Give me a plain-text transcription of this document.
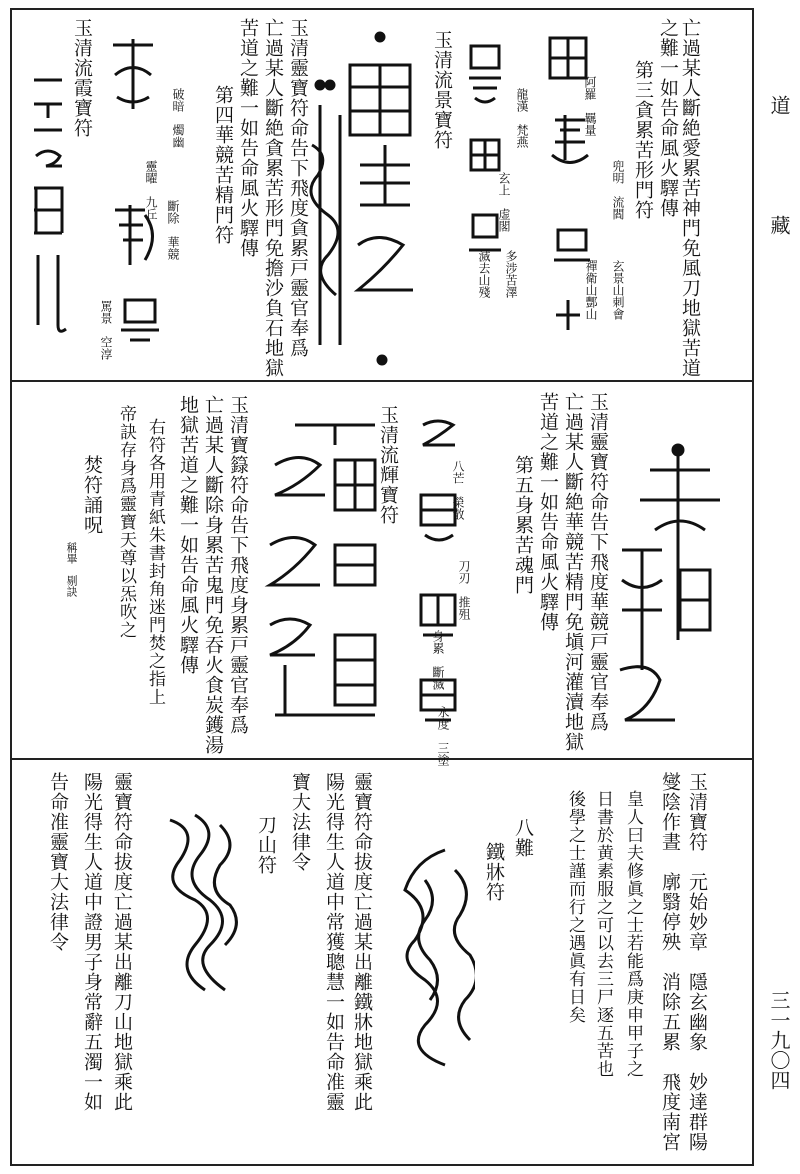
道　藏
三一九〇四
亡過某人斷絶愛累苦神門免風刀地獄苦道
之難一如告命風火驛傳
第三貪累苦形門符
阿羅　羈量
兜明　流閻
玄景山刺會
禪衛山酆山
玉清流景寶符	龍漢　梵燕
玄上　虚閣
多涉苦澤
滅去山殘
玉清靈寶符命告下飛度貪累戸靈官奉爲
亡過某人斷絶貪累苦形門免擔沙負石地獄
苦道之難一如告命風火驛傳
第四華競苦精門符
破暗　燭幽
靈曜　九丘
斷除　華競
罵景　空淳
玉清流霞寶符
玉清靈寶符命告下飛度華競戸靈官奉爲
亡過某人斷絶華競苦精門免塡河灌瀆地獄
苦道之難一如告命風火驛傳
第五身累苦魂門
八芒　榮散
刀刃　推殂
身累　斷滅
永度　三塗
玉清流輝寶符
玉清寶籙符命告下飛度身累戸靈官奉爲
亡過某人斷除身累苦鬼門免吞火食炭鑊湯
地獄苦道之難一如告命風火驛傳
右符各用青紙朱書封角迷門焚之指上
帝訣存身爲靈寶天尊以炁吹之
焚符誦呪
稱畢　剔訣
玉清寶符　元始妙章　隱玄幽象　妙達群陽
燮陰作晝　廓翳停殃　消除五累　飛度南宮
皇人曰夫修眞之士若能爲庚申甲子之
日書於黄素服之可以去三尸逐五苦也
後學之士謹而行之遇眞有日矣
八難
鐵牀符
靈寶符命拔度亡過某出離鐵牀地獄乘此
陽光得生人道中常獲聰慧一如告命准靈
寶大法律令
刀山符
靈寶符命拔度亡過某出離刀山地獄乘此
陽光得生人道中證男子身常辭五濁一如
告命准靈寶大法律令
